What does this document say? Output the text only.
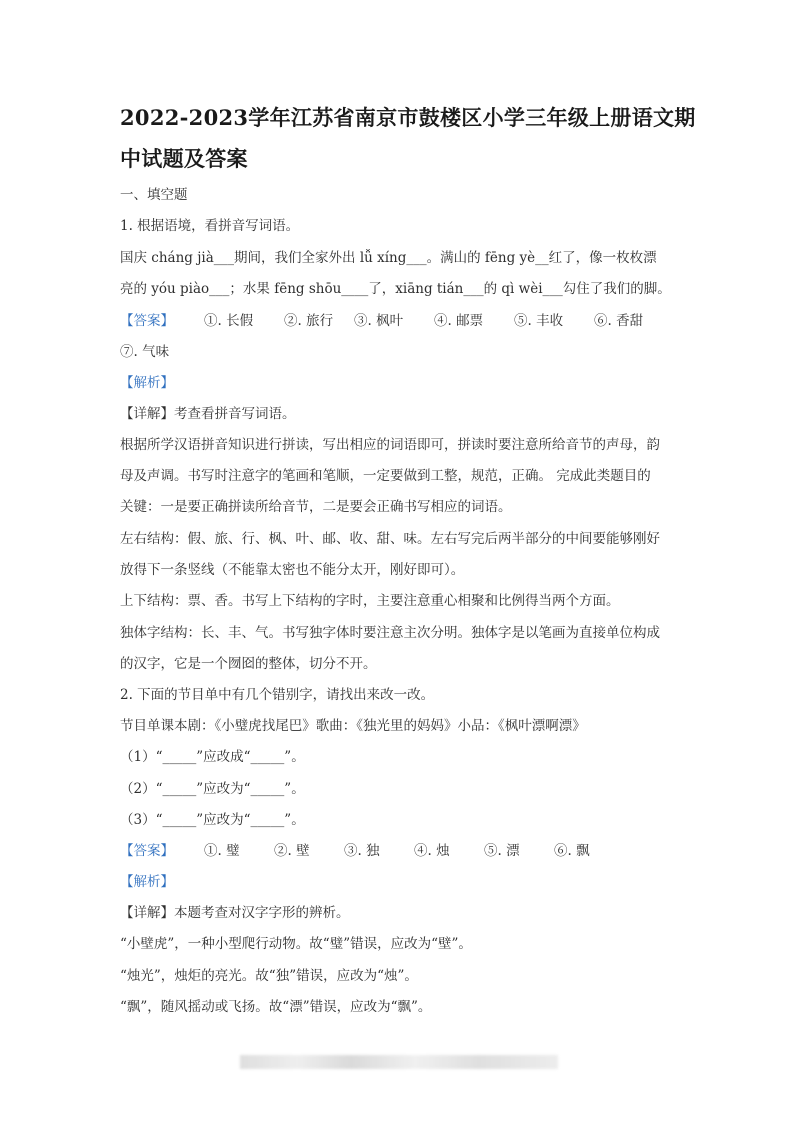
2022-2023学年江苏省南京市鼓楼区小学三年级上册语文期
中试题及答案
一、填空题
1. 根据语境，看拼音写词语。
国庆 cháng jià___期间，我们全家外出 lǚ xíng___。满山的 fēng yè__红了，像一枚枚漂
亮的 yóu piào___；水果 fēng shōu____了，xiāng tián___的 qì wèi___勾住了我们的脚。
【答案】 ①. 长假 ②. 旅行 ③. 枫叶 ④. 邮票 ⑤. 丰收 ⑥. 香甜
⑦. 气味
【解析】
【详解】考查看拼音写词语。
根据所学汉语拼音知识进行拼读，写出相应的词语即可，拼读时要注意所给音节的声母，韵
母及声调。书写时注意字的笔画和笔顺，一定要做到工整，规范，正确。 完成此类题目的
关键：一是要正确拼读所给音节，二是要会正确书写相应的词语。
左右结构：假、旅、行、枫、叶、邮、收、甜、味。左右写完后两半部分的中间要能够刚好
放得下一条竖线（不能靠太密也不能分太开，刚好即可）。
上下结构：票、香。书写上下结构的字时，主要注意重心相聚和比例得当两个方面。
独体字结构：长、丰、气。书写独字体时要注意主次分明。独体字是以笔画为直接单位构成
的汉字，它是一个囫囵的整体，切分不开。
2. 下面的节目单中有几个错别字，请找出来改一改。
节目单课本剧：《小璧虎找尾巴》歌曲：《独光里的妈妈》小品：《枫叶漂啊漂》
（1）“_____”应改成“_____”。
（2）“_____”应改为“_____”。
（3）“_____”应改为“_____”。
【答案】 ①. 璧	②. 壁	③. 独	④. 烛	⑤. 漂	⑥. 飘
【解析】
【详解】本题考查对汉字字形的辨析。
“小壁虎”，一种小型爬行动物。故“璧”错误，应改为“壁”。
“烛光”，烛炬的亮光。故“独”错误，应改为“烛”。
“飘”，随风摇动或飞扬。故“漂”错误，应改为“飘”。
